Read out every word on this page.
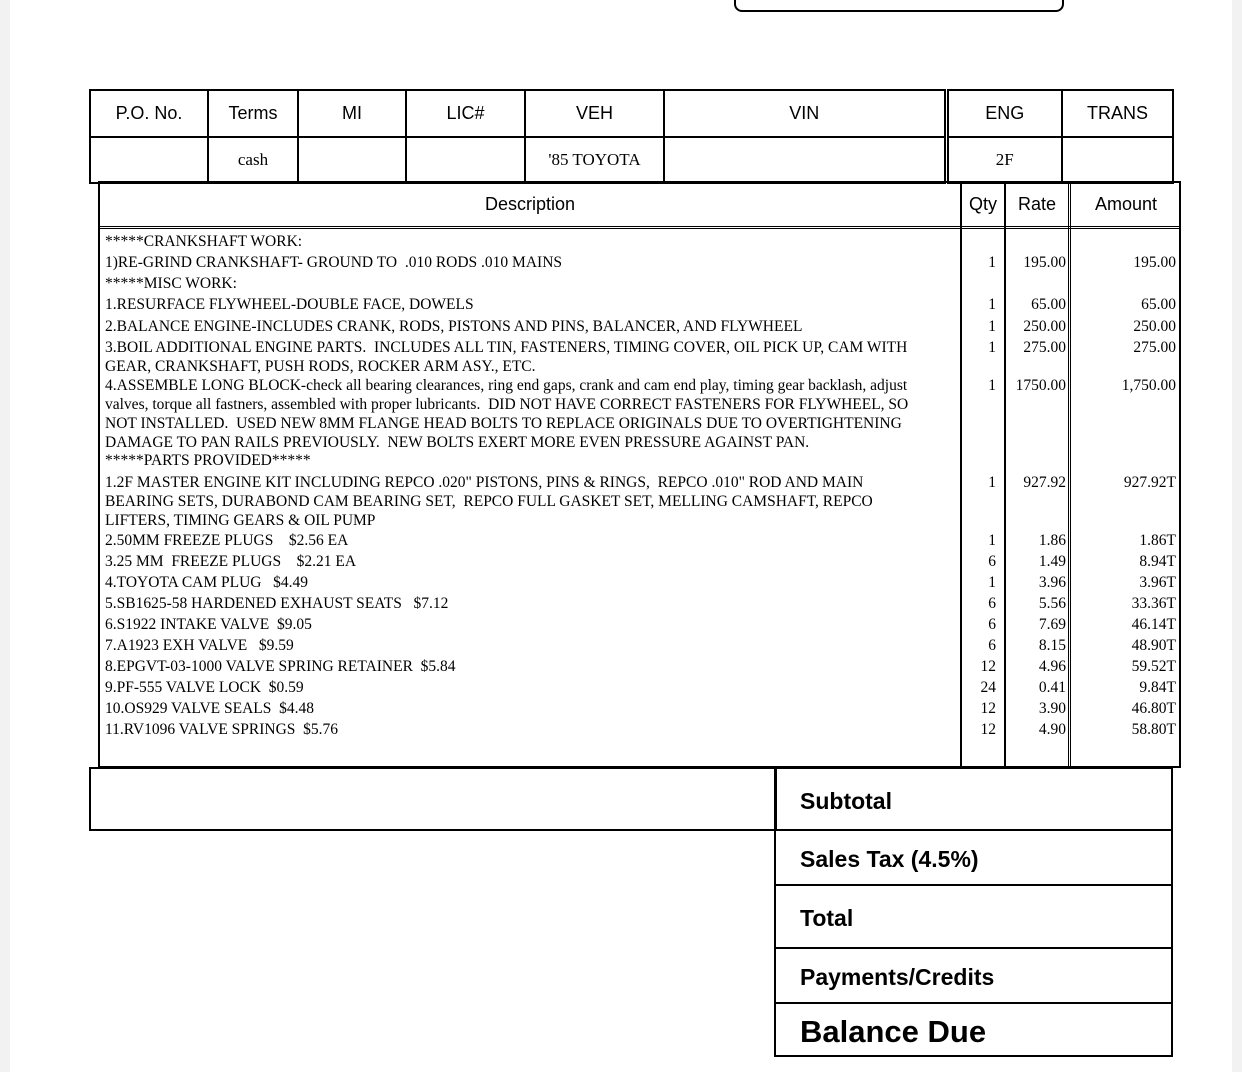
P.O. No.	Terms	MI	LIC#	VEH	VIN	ENG	TRANS
	cash			'85 TOYOTA		2F	
Description	Qty	Rate	Amount
*****CRANKSHAFT WORK:
1)RE-GRIND CRANKSHAFT- GROUND TO  .010 RODS .010 MAINS	1	195.00	195.00
*****MISC WORK:
1.RESURFACE FLYWHEEL-DOUBLE FACE, DOWELS	1	65.00	65.00
2.BALANCE ENGINE-INCLUDES CRANK, RODS, PISTONS AND PINS, BALANCER, AND FLYWHEEL	1	250.00	250.00
3.BOIL ADDITIONAL ENGINE PARTS.  INCLUDES ALL TIN, FASTENERS, TIMING COVER, OIL PICK UP, CAM WITH
GEAR, CRANKSHAFT, PUSH RODS, ROCKER ARM ASY., ETC.
1	275.00	275.00
4.ASSEMBLE LONG BLOCK-check all bearing clearances, ring end gaps, crank and cam end play, timing gear backlash, adjust
valves, torque all fastners, assembled with proper lubricants.  DID NOT HAVE CORRECT FASTENERS FOR FLYWHEEL, SO
NOT INSTALLED.  USED NEW 8MM FLANGE HEAD BOLTS TO REPLACE ORIGINALS DUE TO OVERTIGHTENING
DAMAGE TO PAN RAILS PREVIOUSLY.  NEW BOLTS EXERT MORE EVEN PRESSURE AGAINST PAN.
1	1750.00	1,750.00
*****PARTS PROVIDED*****
1.2F MASTER ENGINE KIT INCLUDING REPCO .020" PISTONS, PINS & RINGS,  REPCO .010" ROD AND MAIN
BEARING SETS, DURABOND CAM BEARING SET,  REPCO FULL GASKET SET, MELLING CAMSHAFT, REPCO
LIFTERS, TIMING GEARS & OIL PUMP
1	927.92	927.92T
2.50MM FREEZE PLUGS    $2.56 EA	1	1.86	1.86T
3.25 MM  FREEZE PLUGS    $2.21 EA	6	1.49	8.94T
4.TOYOTA CAM PLUG   $4.49	1	3.96	3.96T
5.SB1625-58 HARDENED EXHAUST SEATS   $7.12	6	5.56	33.36T
6.S1922 INTAKE VALVE  $9.05	6	7.69	46.14T
7.A1923 EXH VALVE   $9.59	6	8.15	48.90T
8.EPGVT-03-1000 VALVE SPRING RETAINER  $5.84	12	4.96	59.52T
9.PF-555 VALVE LOCK  $0.59	24	0.41	9.84T
10.OS929 VALVE SEALS  $4.48	12	3.90	46.80T
11.RV1096 VALVE SPRINGS  $5.76	12	4.90	58.80T
Subtotal
Sales Tax (4.5%)
Total
Payments/Credits
Balance Due
